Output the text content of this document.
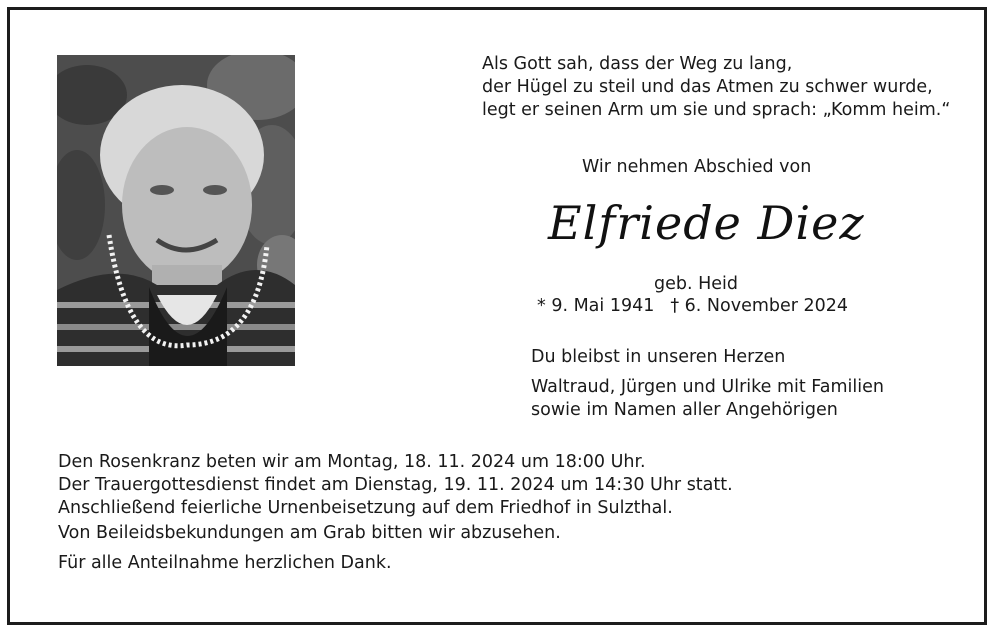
Als Gott sah, dass der Weg zu lang,
der Hügel zu steil und das Atmen zu schwer wurde,
legt er seinen Arm um sie und sprach: „Komm heim.“
Wir nehmen Abschied von
Elfriede Diez
geb. Heid
* 9. Mai 1941 † 6. November 2024
Du bleibst in unseren Herzen
Waltraud, Jürgen und Ulrike mit Familien
sowie im Namen aller Angehörigen
Den Rosenkranz beten wir am Montag, 18. 11. 2024 um 18:00 Uhr.
Der Trauergottesdienst findet am Dienstag, 19. 11. 2024 um 14:30 Uhr statt.
Anschließend feierliche Urnenbeisetzung auf dem Friedhof in Sulzthal.
Von Beileidsbekundungen am Grab bitten wir abzusehen.
Für alle Anteilnahme herzlichen Dank.
